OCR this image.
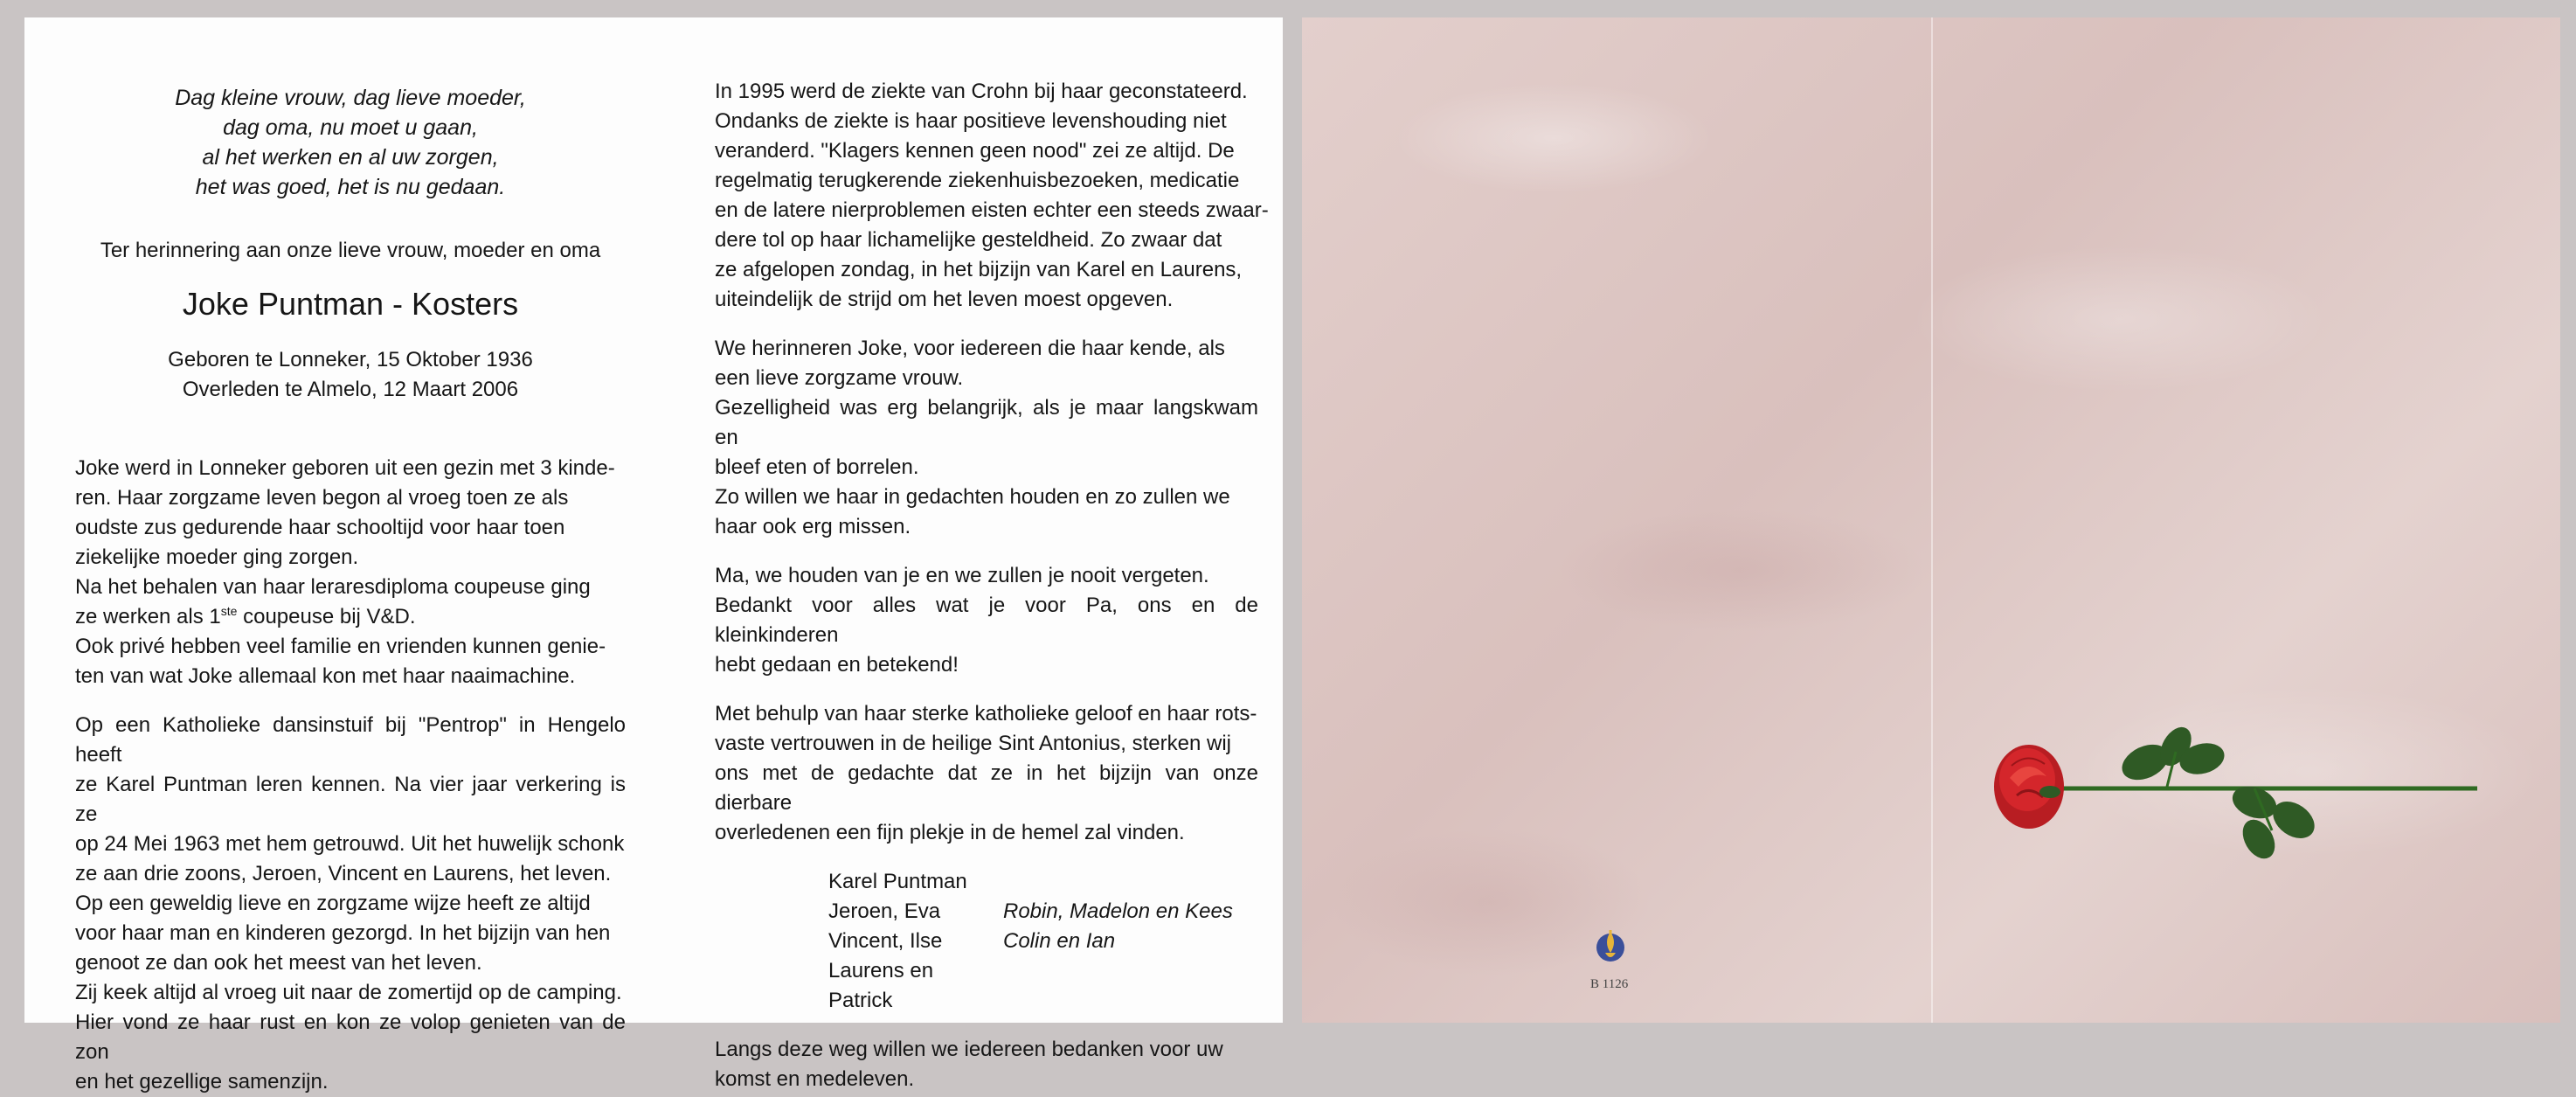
Dag kleine vrouw, dag lieve moeder,
dag oma, nu moet u gaan,
al het werken en al uw zorgen,
het was goed, het is nu gedaan.
Ter herinnering aan onze lieve vrouw, moeder en oma
Joke Puntman - Kosters
Geboren te Lonneker, 15 Oktober 1936
Overleden te Almelo, 12 Maart 2006

Joke werd in Lonneker geboren uit een gezin met 3 kinde-
ren. Haar zorgzame leven begon al vroeg toen ze als
oudste zus gedurende haar schooltijd voor haar toen
ziekelijke moeder ging zorgen.
Na het behalen van haar leraresdiploma coupeuse ging
ze werken als 1ste coupeuse bij V&D.
Ook privé hebben veel familie en vrienden kunnen genie-
ten van wat Joke allemaal kon met haar naaimachine.

Op een Katholieke dansinstuif bij "Pentrop" in Hengelo heeft
ze Karel Puntman leren kennen. Na vier jaar verkering is ze
op 24 Mei 1963 met hem getrouwd. Uit het huwelijk schonk
ze aan drie zoons, Jeroen, Vincent en Laurens, het leven.
Op een geweldig lieve en zorgzame wijze heeft ze altijd
voor haar man en kinderen gezorgd. In het bijzijn van hen
genoot ze dan ook het meest van het leven.
Zij keek altijd al vroeg uit naar de zomertijd op de camping.
Hier vond ze haar rust en kon ze volop genieten van de zon
en het gezellige samenzijn.

In 1995 werd de ziekte van Crohn bij haar geconstateerd.
Ondanks de ziekte is haar positieve levenshouding niet
veranderd. "Klagers kennen geen nood" zei ze altijd. De
regelmatig terugkerende ziekenhuisbezoeken, medicatie
en de latere nierproblemen eisten echter een steeds zwaar-
dere tol op haar lichamelijke gesteldheid. Zo zwaar dat
ze afgelopen zondag, in het bijzijn van Karel en Laurens,
uiteindelijk de strijd om het leven moest opgeven.

We herinneren Joke, voor iedereen die haar kende, als
een lieve zorgzame vrouw.
Gezelligheid was erg belangrijk, als je maar langskwam en
bleef eten of borrelen.
Zo willen we haar in gedachten houden en zo zullen we
haar ook erg missen.

Ma, we houden van je en we zullen je nooit vergeten.
Bedankt voor alles wat je voor Pa, ons en de kleinkinderen
hebt gedaan en betekend!

Met behulp van haar sterke katholieke geloof en haar rots-
vaste vertrouwen in de heilige Sint Antonius, sterken wij
ons met de gedachte dat ze in het bijzijn van onze dierbare
overledenen een fijn plekje in de hemel zal vinden.

Karel Puntman
Jeroen, Eva	Robin, Madelon en Kees
Vincent, Ilse	Colin en Ian
Laurens en Patrick

Langs deze weg willen we iedereen bedanken voor uw
komst en medeleven.

B 1126
